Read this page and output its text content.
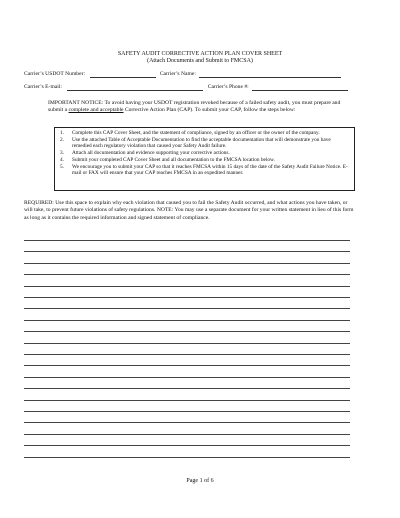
SAFETY AUDIT CORRECTIVE ACTION PLAN COVER SHEET
(Attach Documents and Submit to FMCSA)
Carrier’s USDOT Number:	Carrier’s Name:
Carrier’s E-mail:	Carrier’s Phone #:
IMPORTANT NOTICE: To avoid having your USDOT registration revoked because of a failed safety audit, you must prepare and submit a complete and acceptable Corrective Action Plan (CAP). To submit your CAP, follow the steps below:
1. Complete this CAP Cover Sheet, and the statement of compliance, signed by an officer or the owner of the company.
2. Use the attached Table of Acceptable Documentation to find the acceptable documentation that will demonstrate you have remedied each regulatory violation that caused your Safety Audit failure.
3. Attach all documentation and evidence supporting your corrective actions.
4. Submit your completed CAP Cover Sheet and all documentation to the FMCSA location below.
5. We encourage you to submit your CAP so that it reaches FMCSA within 15 days of the date of the Safety Audit Failure Notice. E-mail or FAX will ensure that your CAP reaches FMCSA in an expedited manner.
REQUIRED: Use this space to explain why each violation that caused you to fail the Safety Audit occurred, and what actions you have taken, or will take, to prevent future violations of safety regulations. NOTE: You may use a separate document for your written statement in lieu of this form as long as it contains the required information and signed statement of compliance.
Page 1 of 6
